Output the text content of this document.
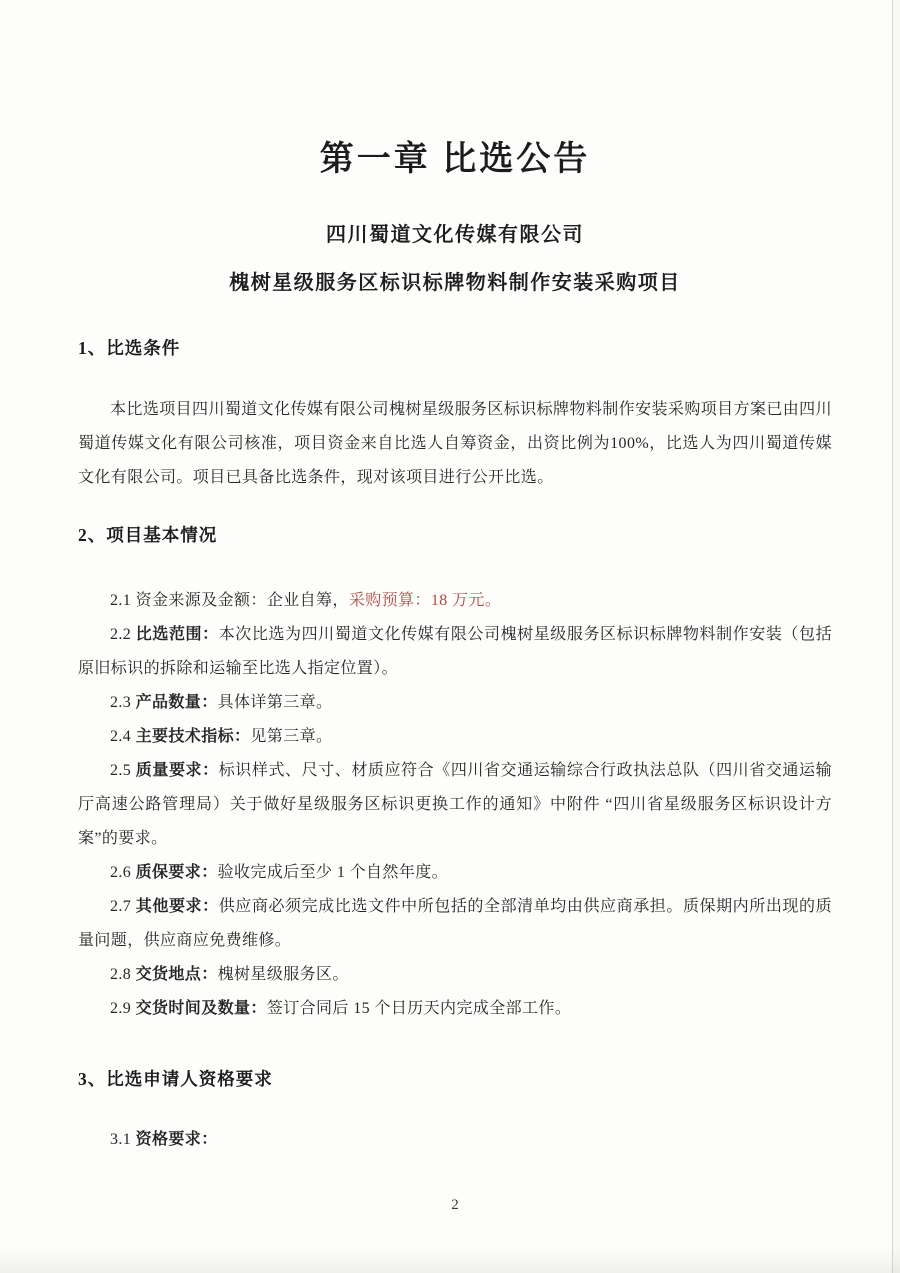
第一章 比选公告
四川蜀道文化传媒有限公司
槐树星级服务区标识标牌物料制作安装采购项目
1、比选条件

本比选项目四川蜀道文化传媒有限公司槐树星级服务区标识标牌物料制作安装采购项目方案已由四川蜀道传媒文化有限公司核准，项目资金来自比选人自筹资金，出资比例为100%，比选人为四川蜀道传媒文化有限公司。项目已具备比选条件，现对该项目进行公开比选。

2、项目基本情况

2.1 资金来源及金额：企业自筹，采购预算：18 万元。

2.2 比选范围：本次比选为四川蜀道文化传媒有限公司槐树星级服务区标识标牌物料制作安装（包括原旧标识的拆除和运输至比选人指定位置）。

2.3 产品数量：具体详第三章。

2.4 主要技术指标：见第三章。

2.5 质量要求：标识样式、尺寸、材质应符合《四川省交通运输综合行政执法总队（四川省交通运输厅高速公路管理局）关于做好星级服务区标识更换工作的通知》中附件 “四川省星级服务区标识设计方案”的要求。

2.6 质保要求：验收完成后至少 1 个自然年度。

2.7 其他要求：供应商必须完成比选文件中所包括的全部清单均由供应商承担。质保期内所出现的质量问题，供应商应免费维修。

2.8 交货地点：槐树星级服务区。

2.9 交货时间及数量：签订合同后 15 个日历天内完成全部工作。

3、比选申请人资格要求

3.1 资格要求：

2
